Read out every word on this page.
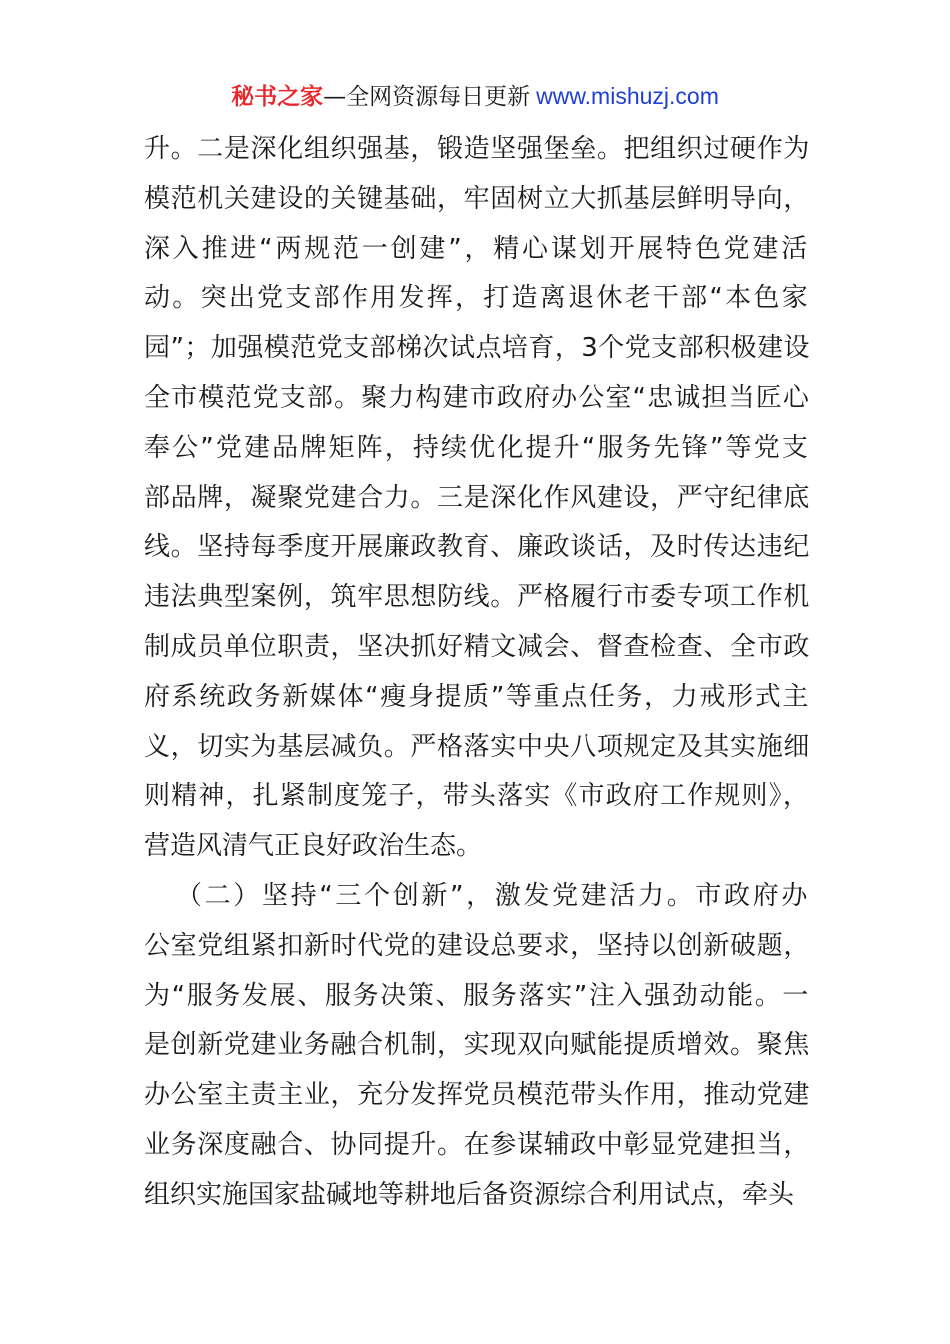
秘书之家—全网资源每日更新 www.mishuzj.com
升。二是深化组织强基，锻造坚强堡垒。把组织过硬作为
模范机关建设的关键基础，牢固树立大抓基层鲜明导向，
深入推进“两规范一创建”，精心谋划开展特色党建活
动。突出党支部作用发挥，打造离退休老干部“本色家
园”；加强模范党支部梯次试点培育，3个党支部积极建设
全市模范党支部。聚力构建市政府办公室“忠诚担当匠心
奉公”党建品牌矩阵，持续优化提升“服务先锋”等党支
部品牌，凝聚党建合力。三是深化作风建设，严守纪律底
线。坚持每季度开展廉政教育、廉政谈话，及时传达违纪
违法典型案例，筑牢思想防线。严格履行市委专项工作机
制成员单位职责，坚决抓好精文减会、督查检查、全市政
府系统政务新媒体“瘦身提质”等重点任务，力戒形式主
义，切实为基层减负。严格落实中央八项规定及其实施细
则精神，扎紧制度笼子，带头落实《市政府工作规则》，
营造风清气正良好政治生态。
（二）坚持“三个创新”，激发党建活力。市政府办
公室党组紧扣新时代党的建设总要求，坚持以创新破题，
为“服务发展、服务决策、服务落实”注入强劲动能。一
是创新党建业务融合机制，实现双向赋能提质增效。聚焦
办公室主责主业，充分发挥党员模范带头作用，推动党建
业务深度融合、协同提升。在参谋辅政中彰显党建担当，
组织实施国家盐碱地等耕地后备资源综合利用试点，牵头
